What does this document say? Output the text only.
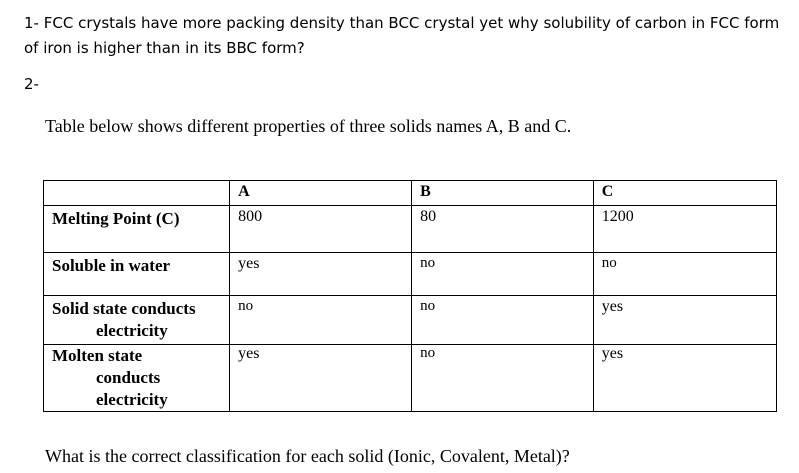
1- FCC crystals have more packing density than BCC crystal yet why solubility of carbon in FCC form of iron is higher than in its BBC form?
2-
Table below shows different properties of three solids names A, B and C.
	A	B	C
Melting Point (C)	800	80	1200
Soluble in water	yes	no	no
Solid state conducts
electricity	no	no	yes
Molten state
conducts
electricity	yes	no	yes
What is the correct classification for each solid (Ionic, Covalent, Metal)?
